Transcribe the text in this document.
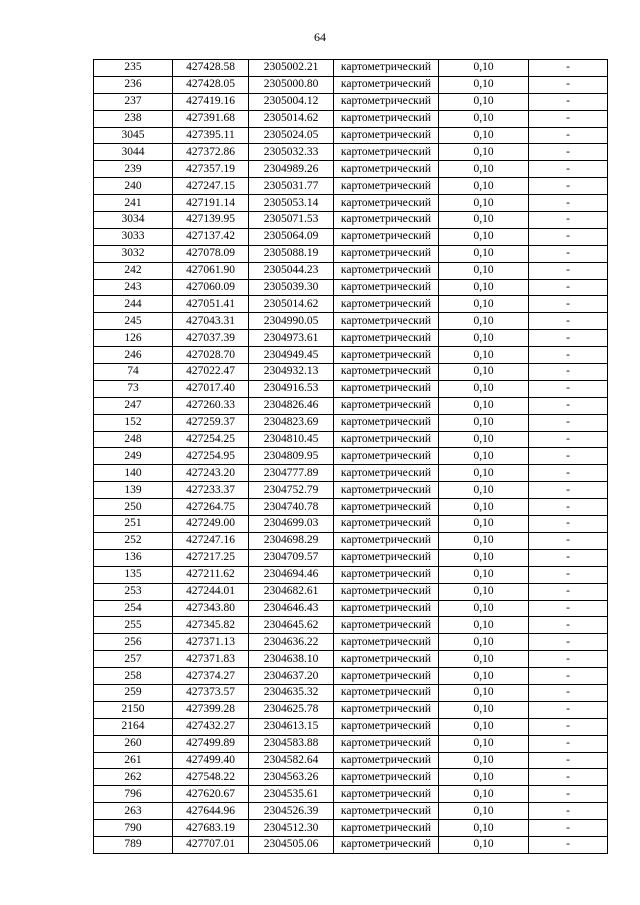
64
235	427428.58	2305002.21	картометрический	0,10	-
236	427428.05	2305000.80	картометрический	0,10	-
237	427419.16	2305004.12	картометрический	0,10	-
238	427391.68	2305014.62	картометрический	0,10	-
3045	427395.11	2305024.05	картометрический	0,10	-
3044	427372.86	2305032.33	картометрический	0,10	-
239	427357.19	2304989.26	картометрический	0,10	-
240	427247.15	2305031.77	картометрический	0,10	-
241	427191.14	2305053.14	картометрический	0,10	-
3034	427139.95	2305071.53	картометрический	0,10	-
3033	427137.42	2305064.09	картометрический	0,10	-
3032	427078.09	2305088.19	картометрический	0,10	-
242	427061.90	2305044.23	картометрический	0,10	-
243	427060.09	2305039.30	картометрический	0,10	-
244	427051.41	2305014.62	картометрический	0,10	-
245	427043.31	2304990.05	картометрический	0,10	-
126	427037.39	2304973.61	картометрический	0,10	-
246	427028.70	2304949.45	картометрический	0,10	-
74	427022.47	2304932.13	картометрический	0,10	-
73	427017.40	2304916.53	картометрический	0,10	-
247	427260.33	2304826.46	картометрический	0,10	-
152	427259.37	2304823.69	картометрический	0,10	-
248	427254.25	2304810.45	картометрический	0,10	-
249	427254.95	2304809.95	картометрический	0,10	-
140	427243.20	2304777.89	картометрический	0,10	-
139	427233.37	2304752.79	картометрический	0,10	-
250	427264.75	2304740.78	картометрический	0,10	-
251	427249.00	2304699.03	картометрический	0,10	-
252	427247.16	2304698.29	картометрический	0,10	-
136	427217.25	2304709.57	картометрический	0,10	-
135	427211.62	2304694.46	картометрический	0,10	-
253	427244.01	2304682.61	картометрический	0,10	-
254	427343.80	2304646.43	картометрический	0,10	-
255	427345.82	2304645.62	картометрический	0,10	-
256	427371.13	2304636.22	картометрический	0,10	-
257	427371.83	2304638.10	картометрический	0,10	-
258	427374.27	2304637.20	картометрический	0,10	-
259	427373.57	2304635.32	картометрический	0,10	-
2150	427399.28	2304625.78	картометрический	0,10	-
2164	427432.27	2304613.15	картометрический	0,10	-
260	427499.89	2304583.88	картометрический	0,10	-
261	427499.40	2304582.64	картометрический	0,10	-
262	427548.22	2304563.26	картометрический	0,10	-
796	427620.67	2304535.61	картометрический	0,10	-
263	427644.96	2304526.39	картометрический	0,10	-
790	427683.19	2304512.30	картометрический	0,10	-
789	427707.01	2304505.06	картометрический	0,10	-
